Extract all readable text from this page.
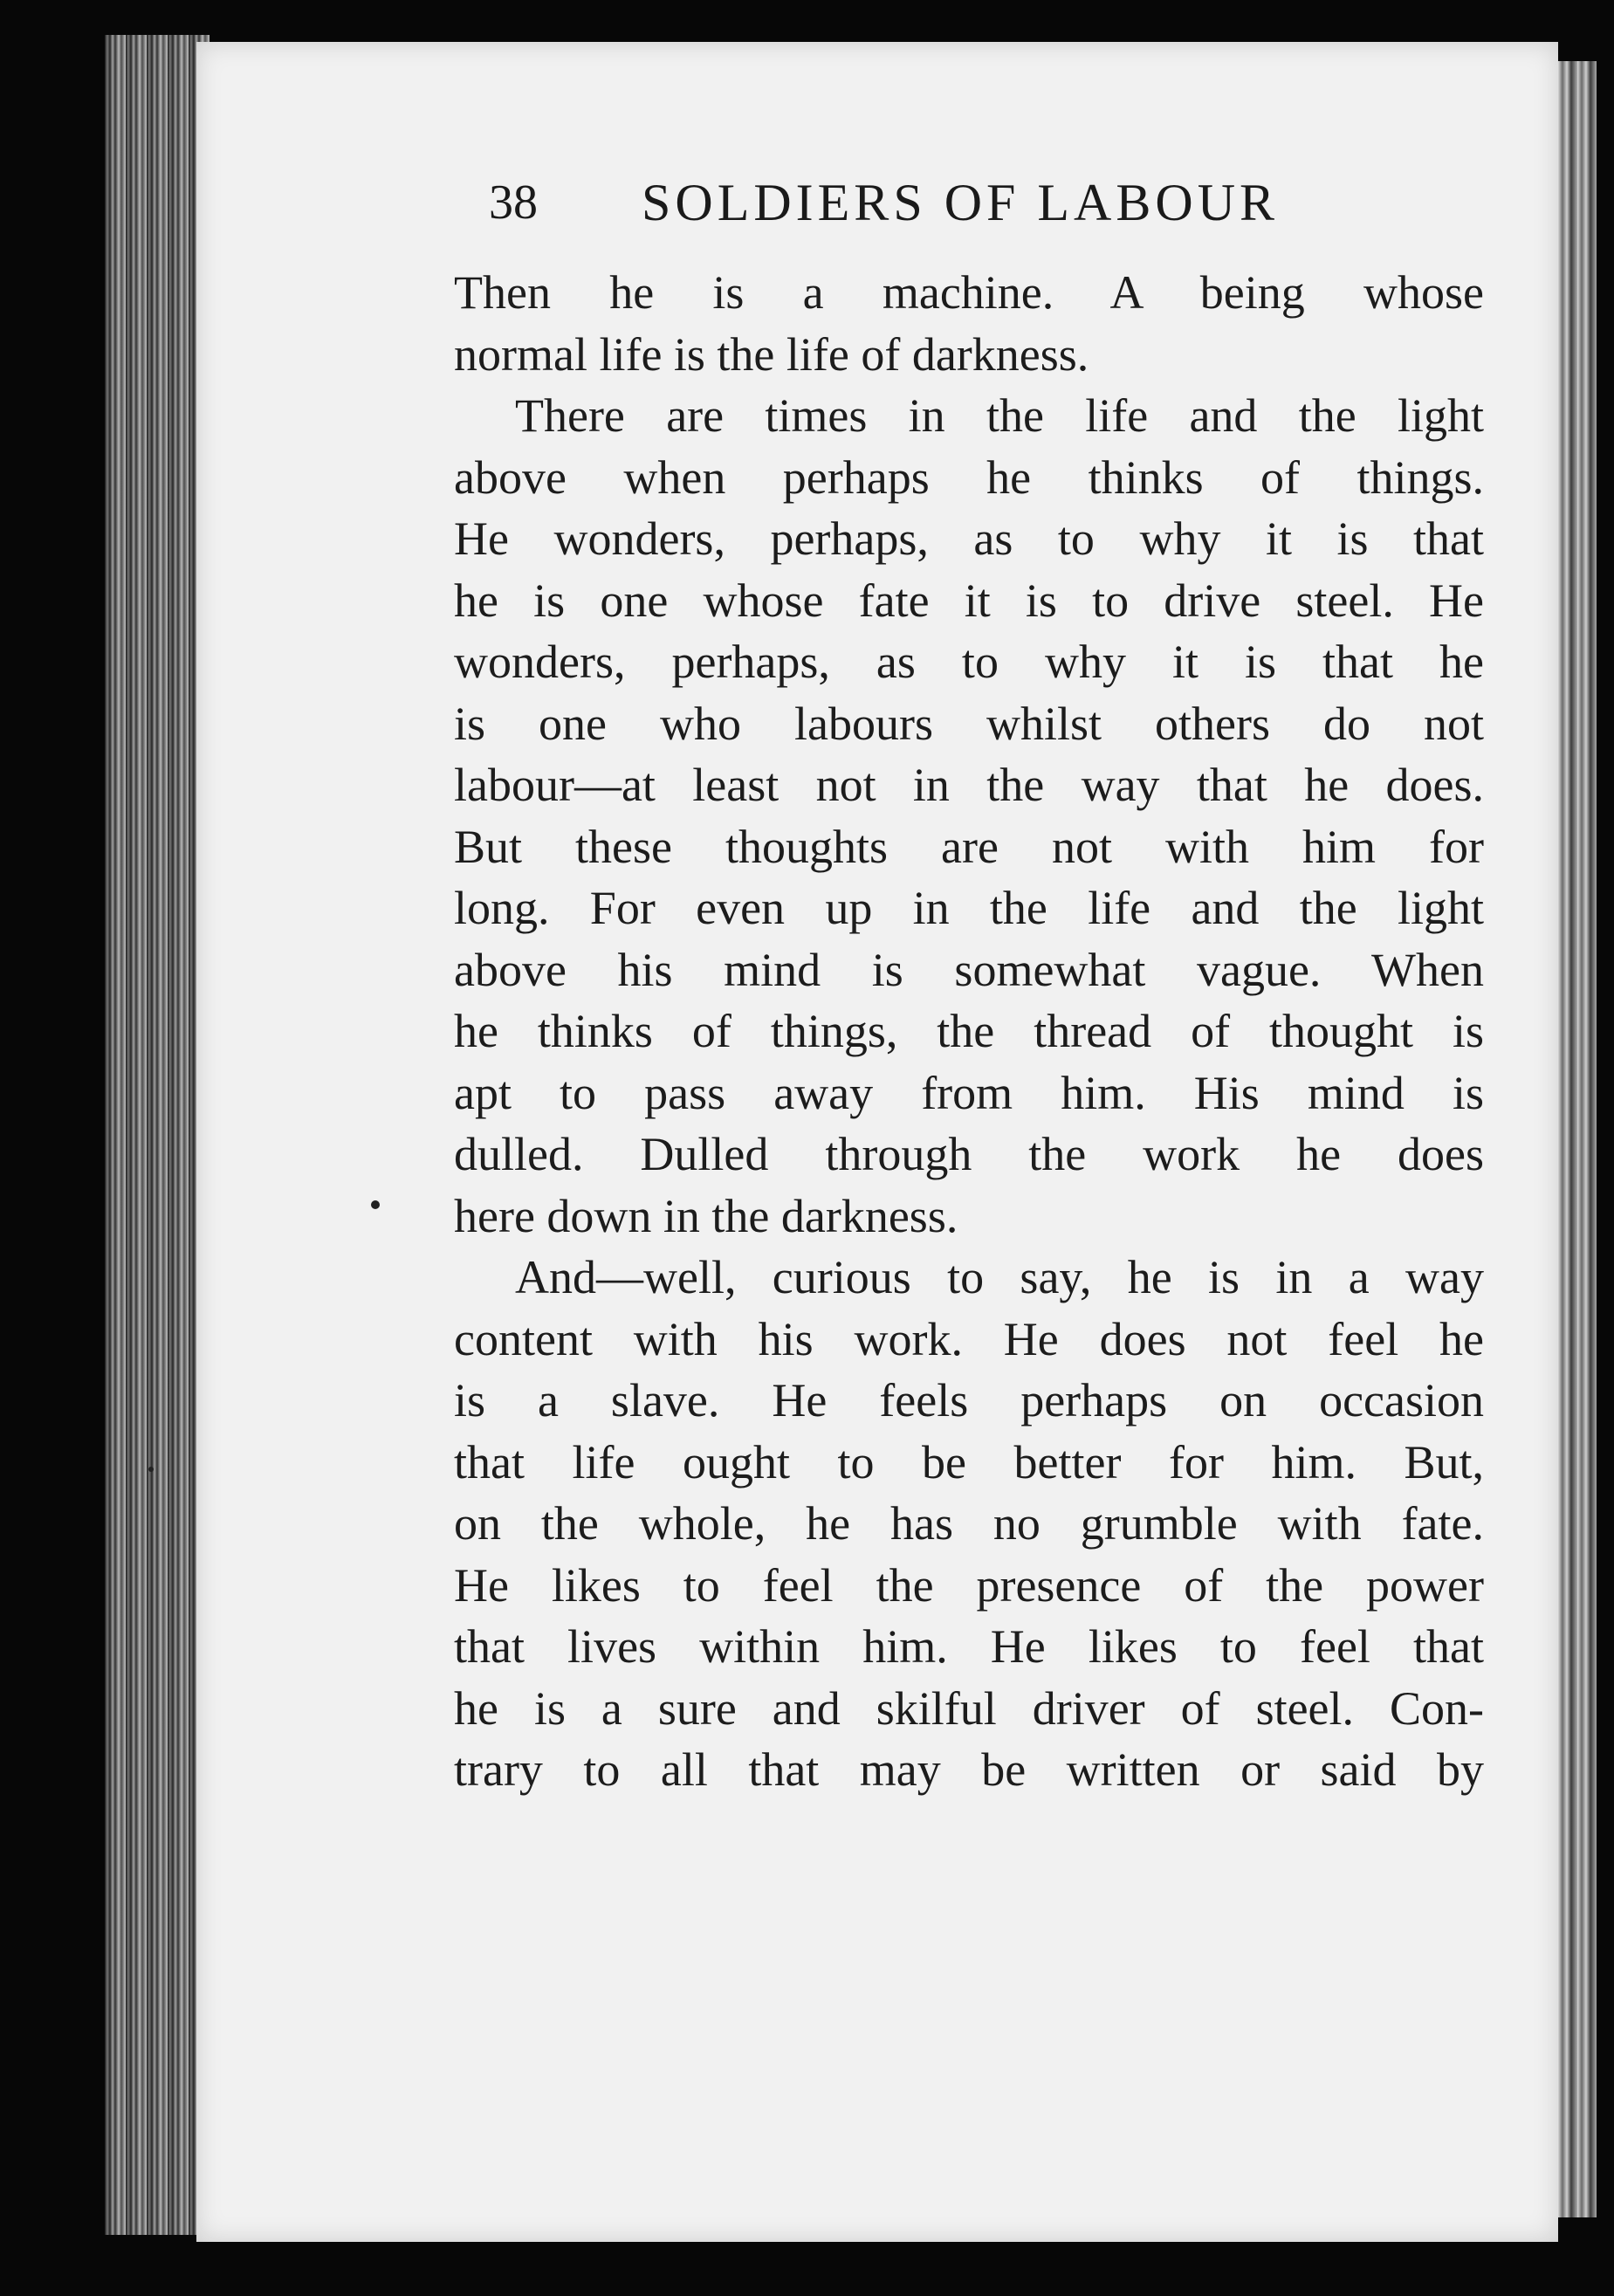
38 SOLDIERS OF LABOUR
Then he is a machine. A being whose
normal life is the life of darkness.
There are times in the life and the light
above when perhaps he thinks of things.
He wonders, perhaps, as to why it is that
he is one whose fate it is to drive steel. He
wonders, perhaps, as to why it is that he
is one who labours whilst others do not
labour—at least not in the way that he does.
But these thoughts are not with him for
long. For even up in the life and the light
above his mind is somewhat vague. When
he thinks of things, the thread of thought is
apt to pass away from him. His mind is
dulled. Dulled through the work he does
here down in the darkness.
And—well, curious to say, he is in a way
content with his work. He does not feel he
is a slave. He feels perhaps on occasion
that life ought to be better for him. But,
on the whole, he has no grumble with fate.
He likes to feel the presence of the power
that lives within him. He likes to feel that
he is a sure and skilful driver of steel. Con-
trary to all that may be written or said by
